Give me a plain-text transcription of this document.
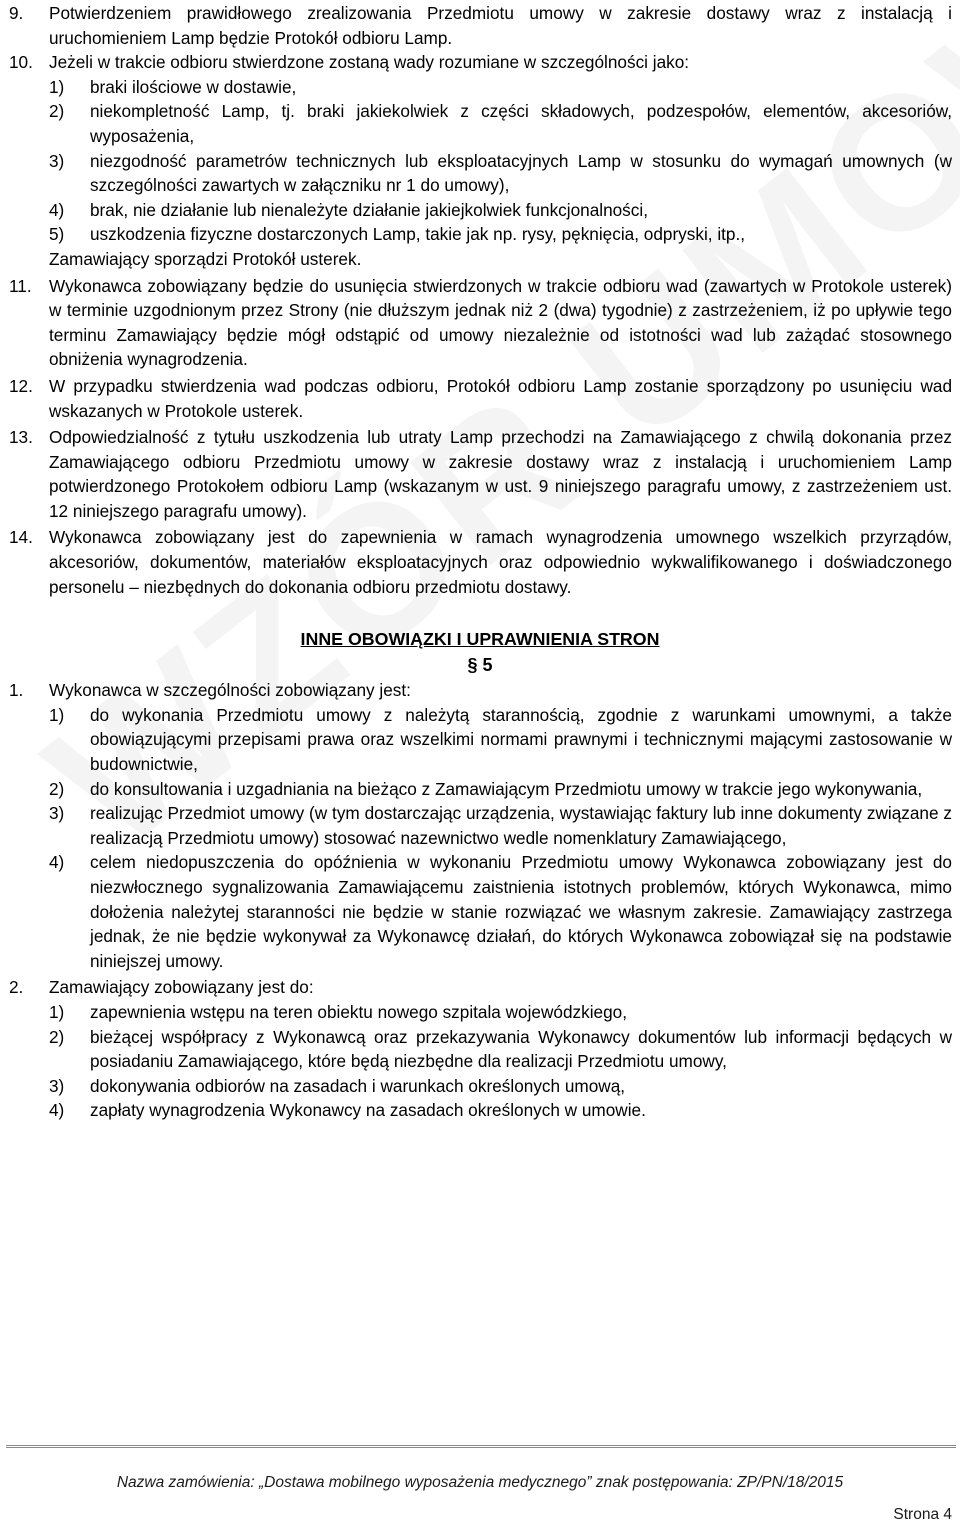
9. Potwierdzeniem prawidłowego zrealizowania Przedmiotu umowy w zakresie dostawy wraz z instalacją i uruchomieniem Lamp będzie Protokół odbioru Lamp.
10. Jeżeli w trakcie odbioru stwierdzone zostaną wady rozumiane w szczególności jako:
1) braki ilościowe w dostawie,
2) niekompletność Lamp, tj. braki jakiekolwiek z części składowych, podzespołów, elementów, akcesoriów, wyposażenia,
3) niezgodność parametrów technicznych lub eksploatacyjnych Lamp w stosunku do wymagań umownych (w szczególności zawartych w załączniku nr 1 do umowy),
4) brak, nie działanie lub nienależyte działanie jakiejkolwiek funkcjonalności,
5) uszkodzenia fizyczne dostarczonych Lamp, takie jak np. rysy, pęknięcia, odpryski, itp.,
Zamawiający sporządzi Protokół usterek.
11. Wykonawca zobowiązany będzie do usunięcia stwierdzonych w trakcie odbioru wad (zawartych w Protokole usterek) w terminie uzgodnionym przez Strony (nie dłuższym jednak niż 2 (dwa) tygodnie) z zastrzeżeniem, iż po upływie tego terminu Zamawiający będzie mógł odstąpić od umowy niezależnie od istotności wad lub zażądać stosownego obniżenia wynagrodzenia.
12. W przypadku stwierdzenia wad podczas odbioru, Protokół odbioru Lamp zostanie sporządzony po usunięciu wad wskazanych w Protokole usterek.
13. Odpowiedzialność z tytułu uszkodzenia lub utraty Lamp przechodzi na Zamawiającego z chwilą dokonania przez Zamawiającego odbioru Przedmiotu umowy w zakresie dostawy wraz z instalacją i uruchomieniem Lamp potwierdzonego Protokołem odbioru Lamp (wskazanym w ust. 9 niniejszego paragrafu umowy, z zastrzeżeniem ust. 12 niniejszego paragrafu umowy).
14. Wykonawca zobowiązany jest do zapewnienia w ramach wynagrodzenia umownego wszelkich przyrządów, akcesoriów, dokumentów, materiałów eksploatacyjnych oraz odpowiednio wykwalifikowanego i doświadczonego personelu – niezbędnych do dokonania odbioru przedmiotu dostawy.
INNE OBOWIĄZKI I UPRAWNIENIA STRON
§ 5
1. Wykonawca w szczególności zobowiązany jest:
1) do wykonania Przedmiotu umowy z należytą starannością, zgodnie z warunkami umownymi, a także obowiązującymi przepisami prawa oraz wszelkimi normami prawnymi i technicznymi mającymi zastosowanie w budownictwie,
2) do konsultowania i uzgadniania na bieżąco z Zamawiającym Przedmiotu umowy w trakcie jego wykonywania,
3) realizując Przedmiot umowy (w tym dostarczając urządzenia, wystawiając faktury lub inne dokumenty związane z realizacją Przedmiotu umowy) stosować nazewnictwo wedle nomenklatury Zamawiającego,
4) celem niedopuszczenia do opóźnienia w wykonaniu Przedmiotu umowy Wykonawca zobowiązany jest do niezwłocznego sygnalizowania Zamawiającemu zaistnienia istotnych problemów, których Wykonawca, mimo dołożenia należytej staranności nie będzie w stanie rozwiązać we własnym zakresie. Zamawiający zastrzega jednak, że nie będzie wykonywał za Wykonawcę działań, do których Wykonawca zobowiązał się na podstawie niniejszej umowy.
2. Zamawiający zobowiązany jest do:
1) zapewnienia wstępu na teren obiektu nowego szpitala wojewódzkiego,
2) bieżącej współpracy z Wykonawcą oraz przekazywania Wykonawcy dokumentów lub informacji będących w posiadaniu Zamawiającego, które będą niezbędne dla realizacji Przedmiotu umowy,
3) dokonywania odbiorów na zasadach i warunkach określonych umową,
4) zapłaty wynagrodzenia Wykonawcy na zasadach określonych w umowie.
Nazwa zamówienia: „Dostawa mobilnego wyposażenia medycznego” znak postępowania: ZP/PN/18/2015
Strona 4
